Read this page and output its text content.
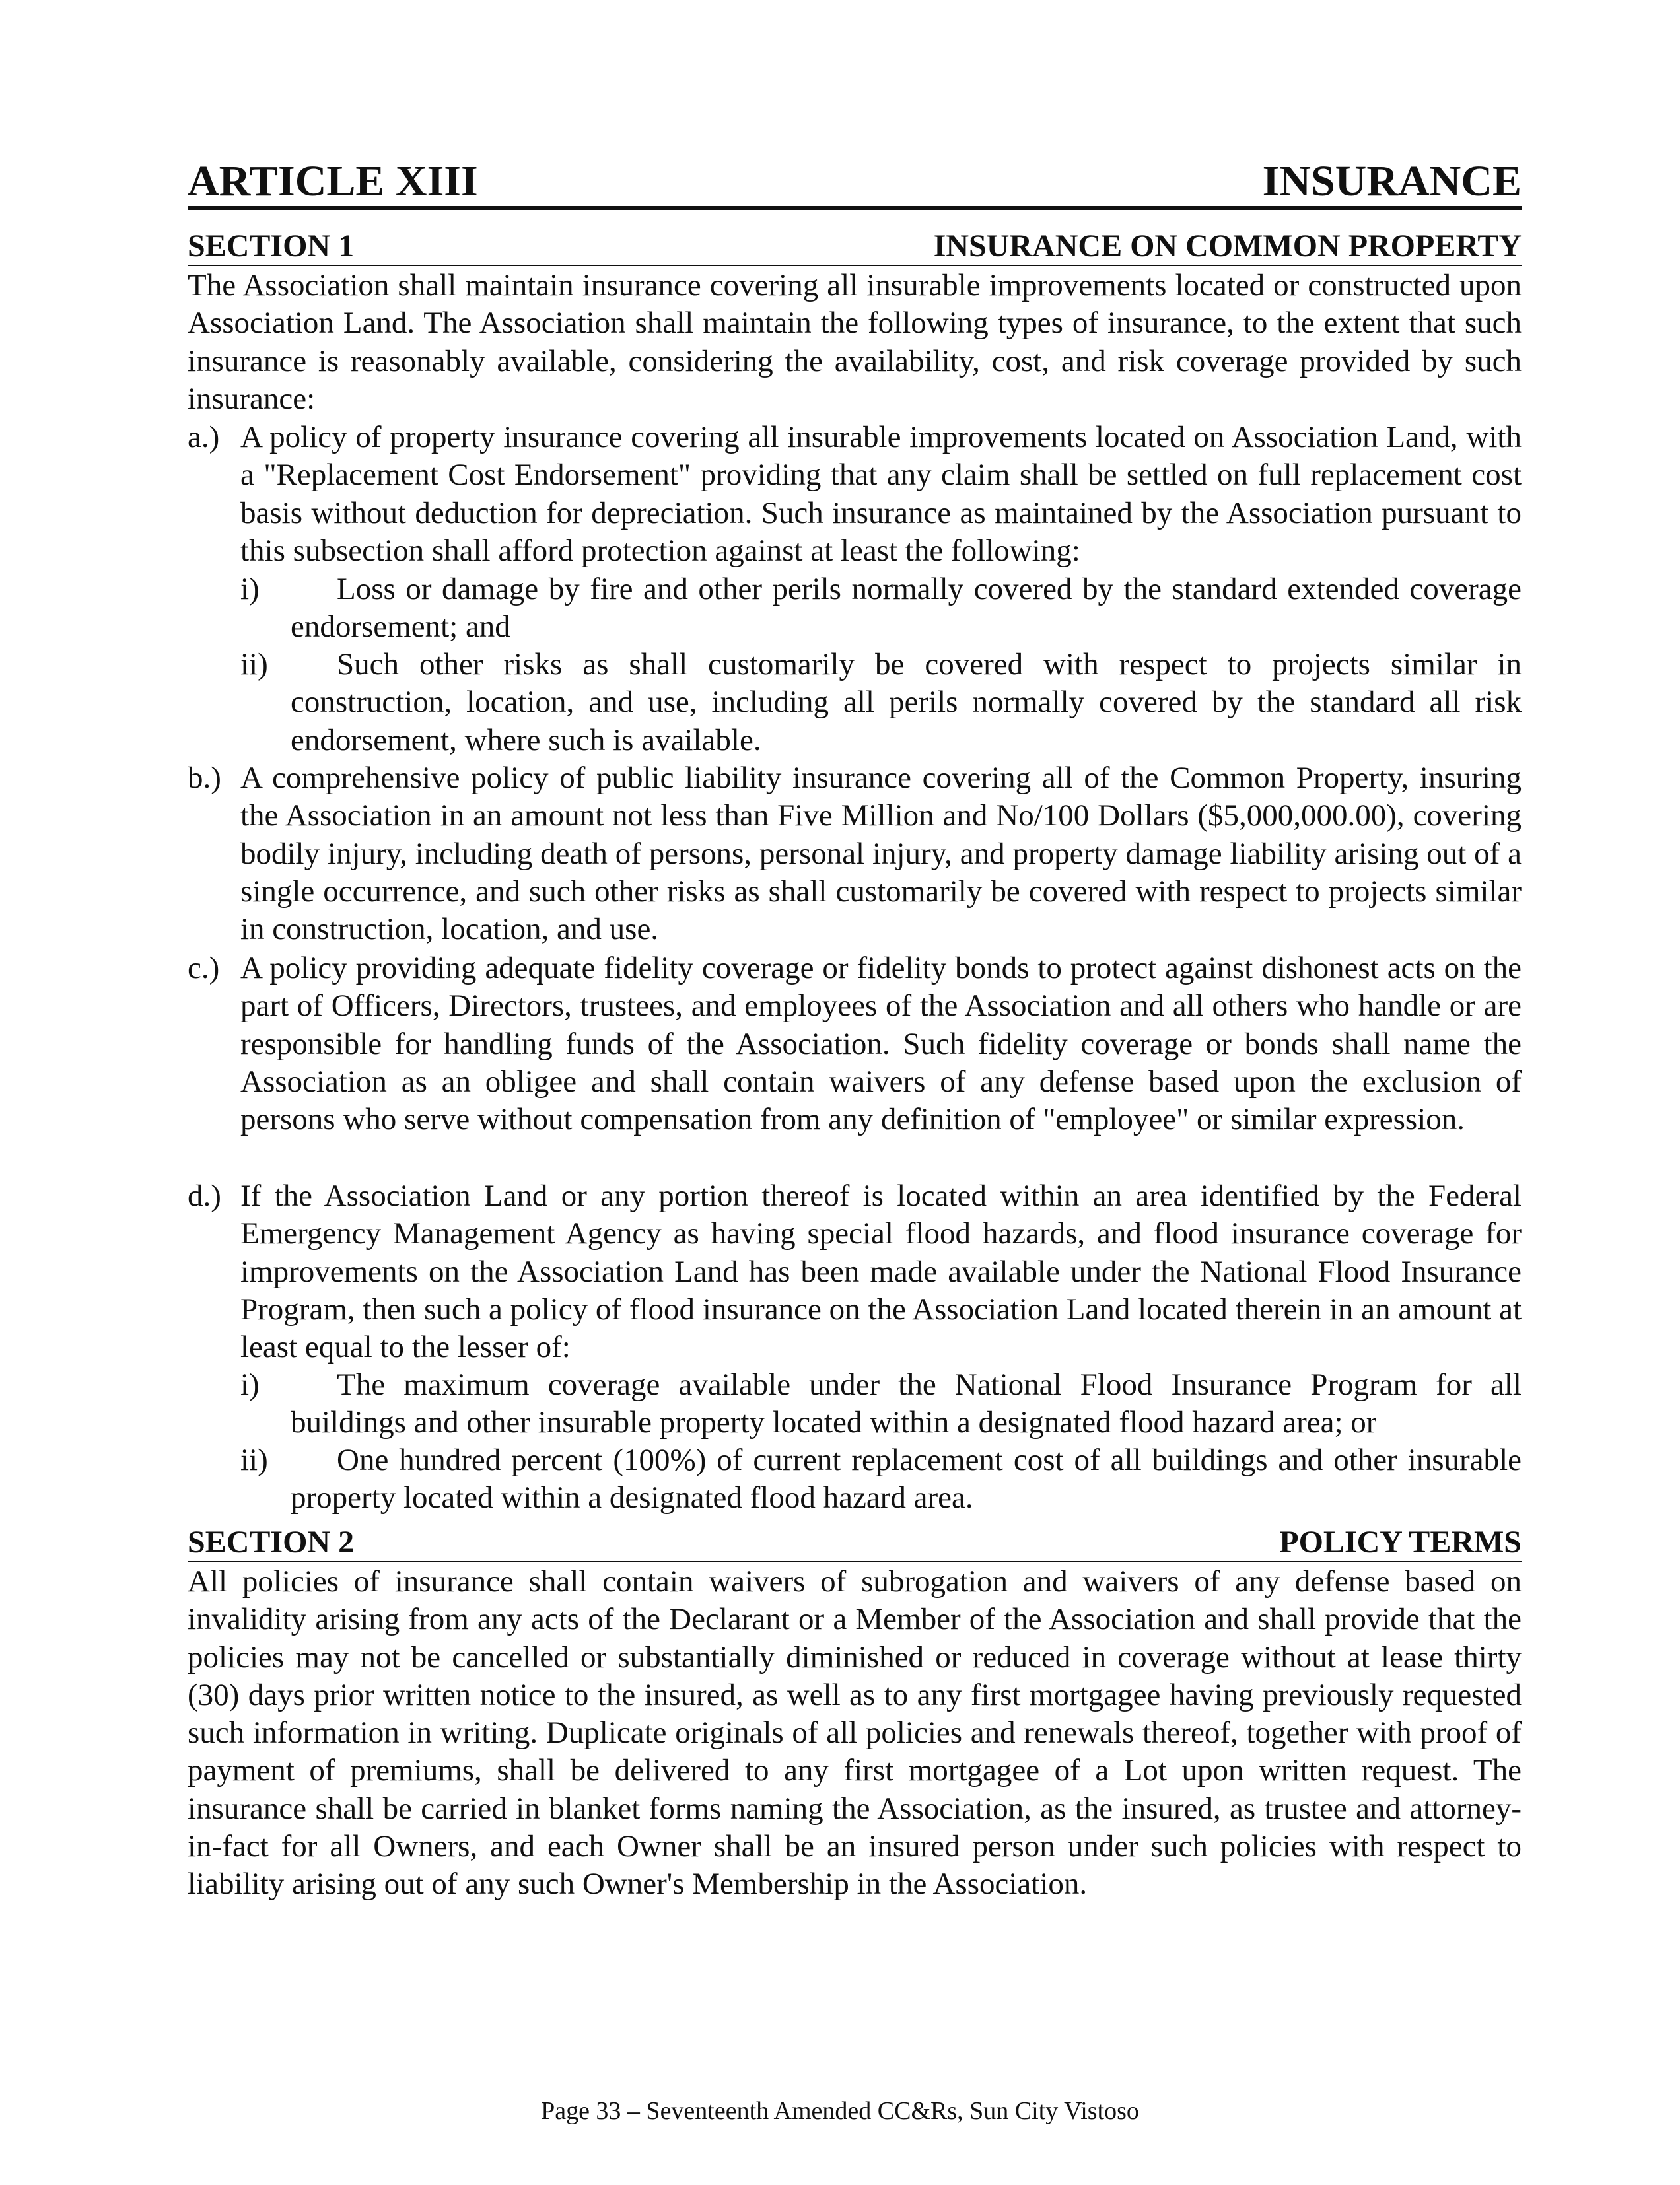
ARTICLE XIII	INSURANCE
SECTION 1	INSURANCE ON COMMON PROPERTY

The Association shall maintain insurance covering all insurable improvements located or constructed upon Association Land. The Association shall maintain the following types of insurance, to the extent that such insurance is reasonably available, considering the availability, cost, and risk coverage provided by such insurance:

a.) A policy of property insurance covering all insurable improvements located on Association Land, with a "Replacement Cost Endorsement" providing that any claim shall be settled on full replacement cost basis without deduction for depreciation. Such insurance as maintained by the Association pursuant to this subsection shall afford protection against at least the following:
i)	Loss or damage by fire and other perils normally covered by the standard extended coverage endorsement; and
ii)	Such other risks as shall customarily be covered with respect to projects similar in construction, location, and use, including all perils normally covered by the standard all risk endorsement, where such is available.
b.) A comprehensive policy of public liability insurance covering all of the Common Property, insuring the Association in an amount not less than Five Million and No/100 Dollars ($5,000,000.00), covering bodily injury, including death of persons, personal injury, and property damage liability arising out of a single occurrence, and such other risks as shall customarily be covered with respect to projects similar in construction, location, and use.
c.) A policy providing adequate fidelity coverage or fidelity bonds to protect against dishonest acts on the part of Officers, Directors, trustees, and employees of the Association and all others who handle or are responsible for handling funds of the Association. Such fidelity coverage or bonds shall name the Association as an obligee and shall contain waivers of any defense based upon the exclusion of persons who serve without compensation from any definition of "employee" or similar expression.
d.) If the Association Land or any portion thereof is located within an area identified by the Federal Emergency Management Agency as having special flood hazards, and flood insurance coverage for improvements on the Association Land has been made available under the National Flood Insurance Program, then such a policy of flood insurance on the Association Land located therein in an amount at least equal to the lesser of:
i)	The maximum coverage available under the National Flood Insurance Program for all buildings and other insurable property located within a designated flood hazard area; or
ii)	One hundred percent (100%) of current replacement cost of all buildings and other insurable property located within a designated flood hazard area.
SECTION 2	POLICY TERMS

All policies of insurance shall contain waivers of subrogation and waivers of any defense based on invalidity arising from any acts of the Declarant or a Member of the Association and shall provide that the policies may not be cancelled or substantially diminished or reduced in coverage without at lease thirty (30) days prior written notice to the insured, as well as to any first mortgagee having previously requested such information in writing. Duplicate originals of all policies and renewals thereof, together with proof of payment of premiums, shall be delivered to any first mortgagee of a Lot upon written request. The insurance shall be carried in blanket forms naming the Association, as the insured, as trustee and attorney-in-fact for all Owners, and each Owner shall be an insured person under such policies with respect to liability arising out of any such Owner's Membership in the Association.

Page 33 – Seventeenth Amended CC&Rs, Sun City Vistoso
